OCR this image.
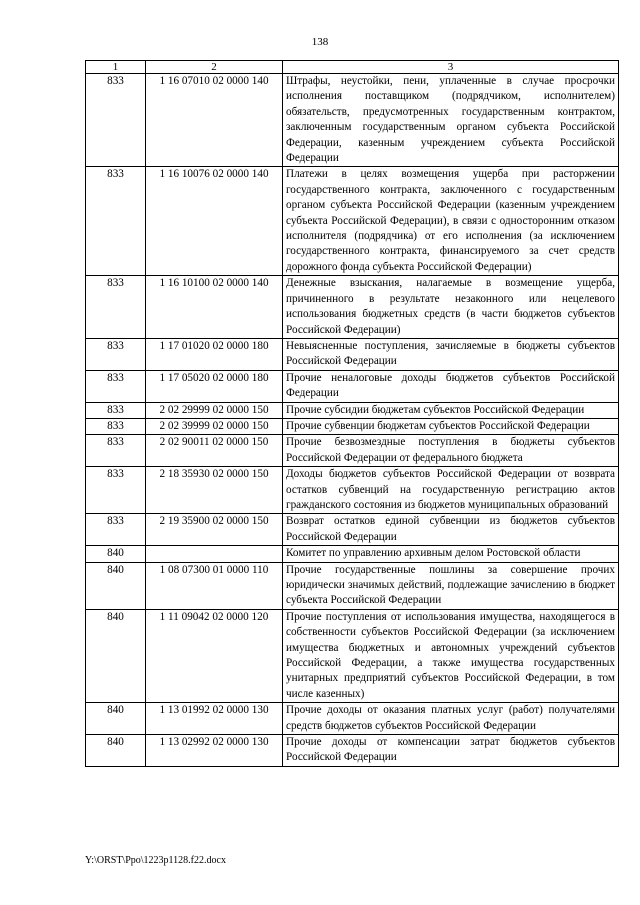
138
1	2	3
833	1 16 07010 02 0000 140	Штрафы, неустойки, пени, уплаченные в случае просрочки исполнения поставщиком (подрядчиком, исполнителем) обязательств, предусмотренных государственным контрактом, заключенным государственным органом субъекта Российской Федерации, казенным учреждением субъекта Российской Федерации
833	1 16 10076 02 0000 140	Платежи в целях возмещения ущерба при расторжении государственного контракта, заключенного с государственным органом субъекта Российской Федерации (казенным учреждением субъекта Российской Федерации), в связи с односторонним отказом исполнителя (подрядчика) от его исполнения (за исключением государственного контракта, финансируемого за счет средств дорожного фонда субъекта Российской Федерации)
833	1 16 10100 02 0000 140	Денежные взыскания, налагаемые в возмещение ущерба, причиненного в результате незаконного или нецелевого использования бюджетных средств (в части бюджетов субъектов Российской Федерации)
833	1 17 01020 02 0000 180	Невыясненные поступления, зачисляемые в бюджеты субъектов Российской Федерации
833	1 17 05020 02 0000 180	Прочие неналоговые доходы бюджетов субъектов Российской Федерации
833	2 02 29999 02 0000 150	Прочие субсидии бюджетам субъектов Российской Федерации
833	2 02 39999 02 0000 150	Прочие субвенции бюджетам субъектов Российской Федерации
833	2 02 90011 02 0000 150	Прочие безвозмездные поступления в бюджеты субъектов Российской Федерации от федерального бюджета
833	2 18 35930 02 0000 150	Доходы бюджетов субъектов Российской Федерации от возврата остатков субвенций на государственную регистрацию актов гражданского состояния из бюджетов муниципальных образований
833	2 19 35900 02 0000 150	Возврат остатков единой субвенции из бюджетов субъектов Российской Федерации
840		Комитет по управлению архивным делом Ростовской области
840	1 08 07300 01 0000 110	Прочие государственные пошлины за совершение прочих юридически значимых действий, подлежащие зачислению в бюджет субъекта Российской Федерации
840	1 11 09042 02 0000 120	Прочие поступления от использования имущества, находящегося в собственности субъектов Российской Федерации (за исключением имущества бюджетных и автономных учреждений субъектов Российской Федерации, а также имущества государственных унитарных предприятий субъектов Российской Федерации, в том числе казенных)
840	1 13 01992 02 0000 130	Прочие доходы от оказания платных услуг (работ) получателями средств бюджетов субъектов Российской Федерации
840	1 13 02992 02 0000 130	Прочие доходы от компенсации затрат бюджетов субъектов Российской Федерации
Y:\ORST\Ppo\1223p1128.f22.docx
